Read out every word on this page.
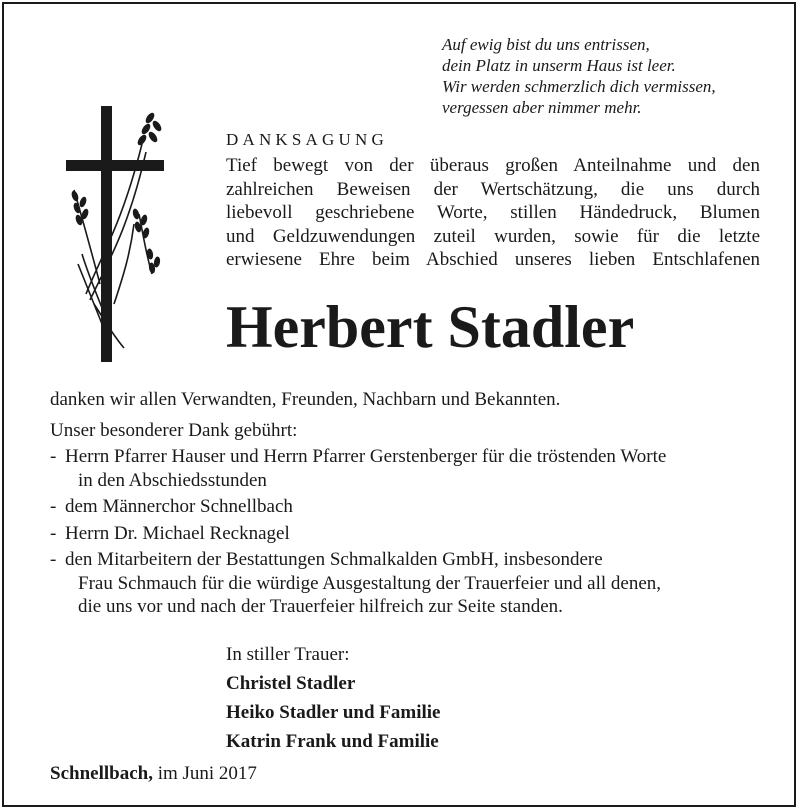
Auf ewig bist du uns entrissen,
dein Platz in unserm Haus ist leer.
Wir werden schmerzlich dich vermissen,
vergessen aber nimmer mehr.
DANKSAGUNG
Tief bewegt von der überaus großen Anteilnahme und den
zahlreichen Beweisen der Wertschätzung, die uns durch
liebevoll geschriebene Worte, stillen Händedruck, Blumen
und Geldzuwendungen zuteil wurden, sowie für die letzte
erwiesene Ehre beim Abschied unseres lieben Entschlafenen
Herbert Stadler
danken wir allen Verwandten, Freunden, Nachbarn und Bekannten.
Unser besonderer Dank gebührt:
- Herrn Pfarrer Hauser und Herrn Pfarrer Gerstenberger für die tröstenden Worte
in den Abschiedsstunden
- dem Männerchor Schnellbach
- Herrn Dr. Michael Recknagel
- den Mitarbeitern der Bestattungen Schmalkalden GmbH, insbesondere
Frau Schmauch für die würdige Ausgestaltung der Trauerfeier und all denen,
die uns vor und nach der Trauerfeier hilfreich zur Seite standen.
In stiller Trauer:
Christel Stadler
Heiko Stadler und Familie
Katrin Frank und Familie
Schnellbach, im Juni 2017
